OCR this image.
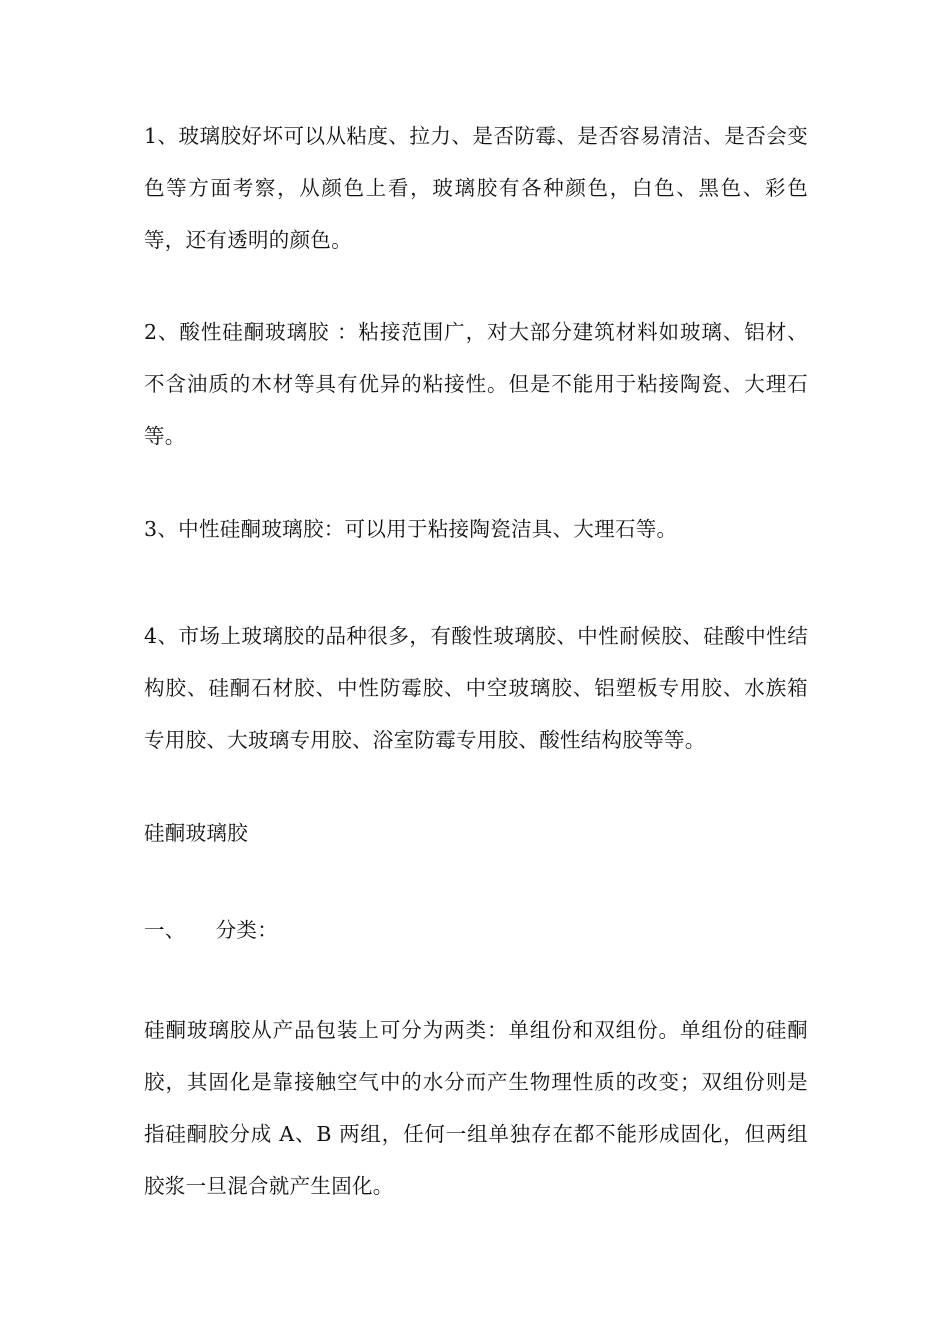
1、玻璃胶好坏可以从粘度、拉力、是否防霉、是否容易清洁、是否会变色等方面考察，从颜色上看，玻璃胶有各种颜色，白色、黑色、彩色等，还有透明的颜色。

2、酸性硅酮玻璃胶 ：粘接范围广，对大部分建筑材料如玻璃、铝材、不含油质的木材等具有优异的粘接性。但是不能用于粘接陶瓷、大理石等。

3、中性硅酮玻璃胶：可以用于粘接陶瓷洁具、大理石等。

4、市场上玻璃胶的品种很多，有酸性玻璃胶、中性耐候胶、硅酸中性结构胶、硅酮石材胶、中性防霉胶、中空玻璃胶、铝塑板专用胶、水族箱专用胶、大玻璃专用胶、浴室防霉专用胶、酸性结构胶等等。

硅酮玻璃胶

一、 分类：

硅酮玻璃胶从产品包装上可分为两类：单组份和双组份。单组份的硅酮胶，其固化是靠接触空气中的水分而产生物理性质的改变；双组份则是指硅酮胶分成 A、B 两组，任何一组单独存在都不能形成固化，但两组胶浆一旦混合就产生固化。
